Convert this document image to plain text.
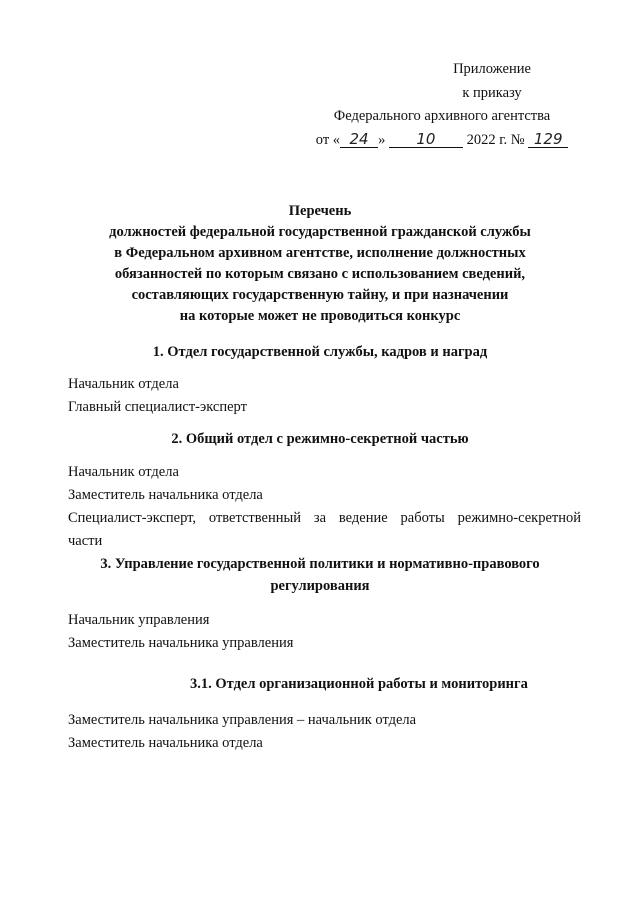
Приложение
к приказу
Федерального архивного агентства
от « 24 » 10 2022 г. № 129
Перечень
должностей федеральной государственной гражданской службы
в Федеральном архивном агентстве, исполнение должностных
обязанностей по которым связано с использованием сведений,
составляющих государственную тайну, и при назначении
на которые может не проводиться конкурс
1. Отдел государственной службы, кадров и наград
Начальник отдела
Главный специалист-эксперт
2. Общий отдел с режимно-секретной частью
Начальник отдела
Заместитель начальника отдела
Специалист-эксперт, ответственный за ведение работы режимно-секретной
части
3. Управление государственной политики и нормативно-правового
регулирования
Начальник управления
Заместитель начальника управления
3.1. Отдел организационной работы и мониторинга
Заместитель начальника управления – начальник отдела
Заместитель начальника отдела
